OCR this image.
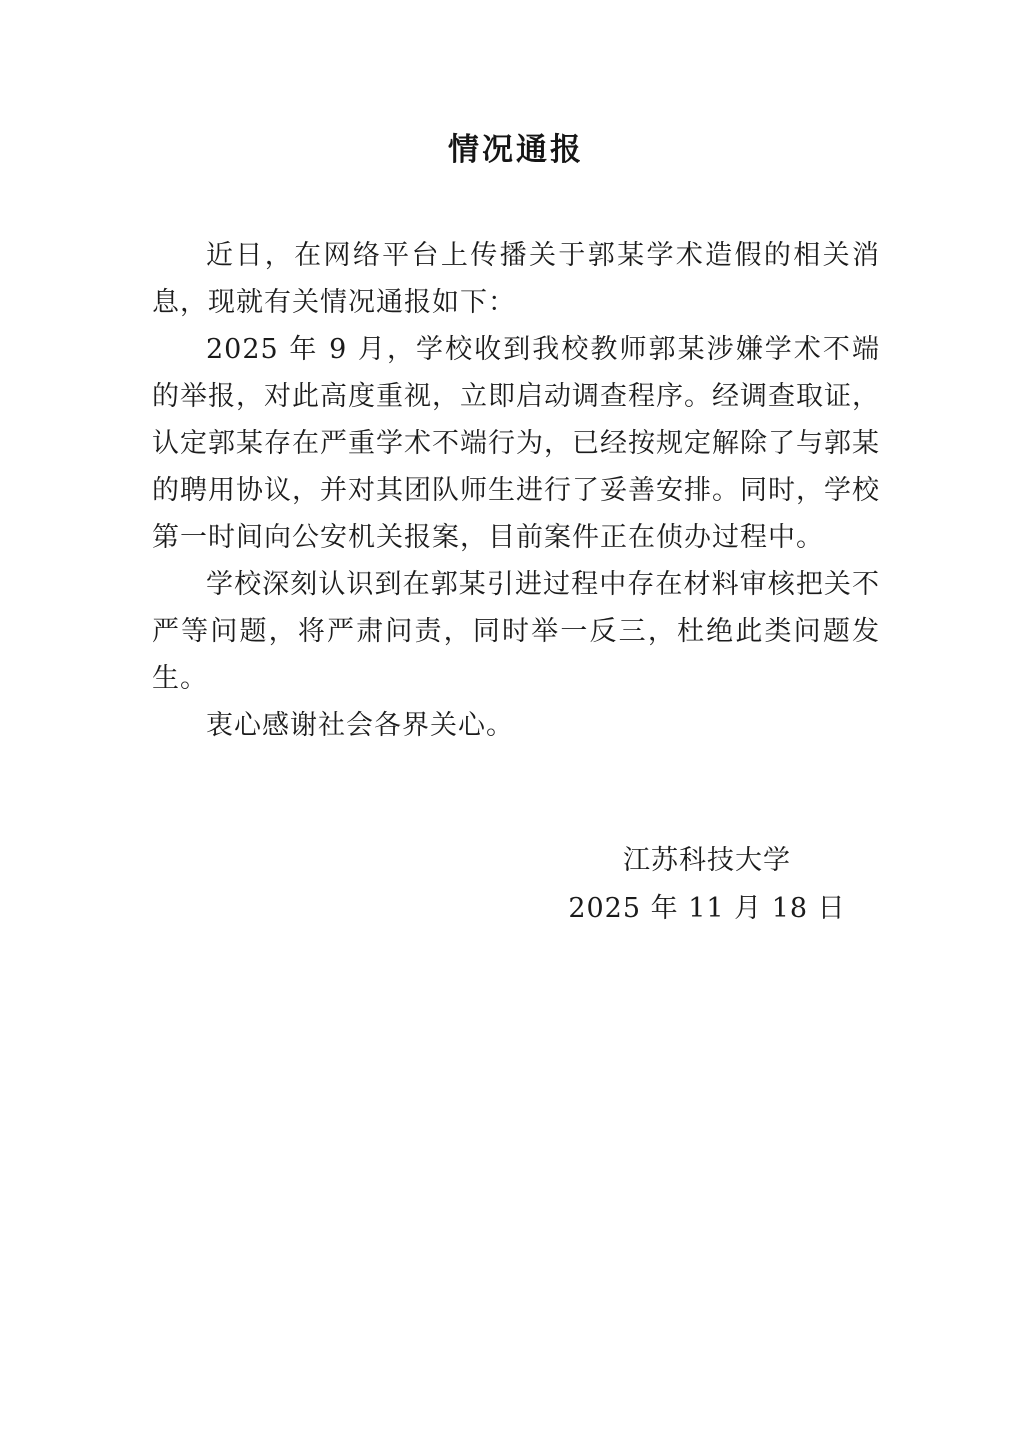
情况通报

近日，在网络平台上传播关于郭某学术造假的相关消息，现就有关情况通报如下：

2025 年 9 月，学校收到我校教师郭某涉嫌学术不端的举报，对此高度重视，立即启动调查程序。经调查取证，认定郭某存在严重学术不端行为，已经按规定解除了与郭某的聘用协议，并对其团队师生进行了妥善安排。同时，学校第一时间向公安机关报案，目前案件正在侦办过程中。

学校深刻认识到在郭某引进过程中存在材料审核把关不严等问题，将严肃问责，同时举一反三，杜绝此类问题发生。

衷心感谢社会各界关心。

江苏科技大学
2025 年 11 月 18 日
